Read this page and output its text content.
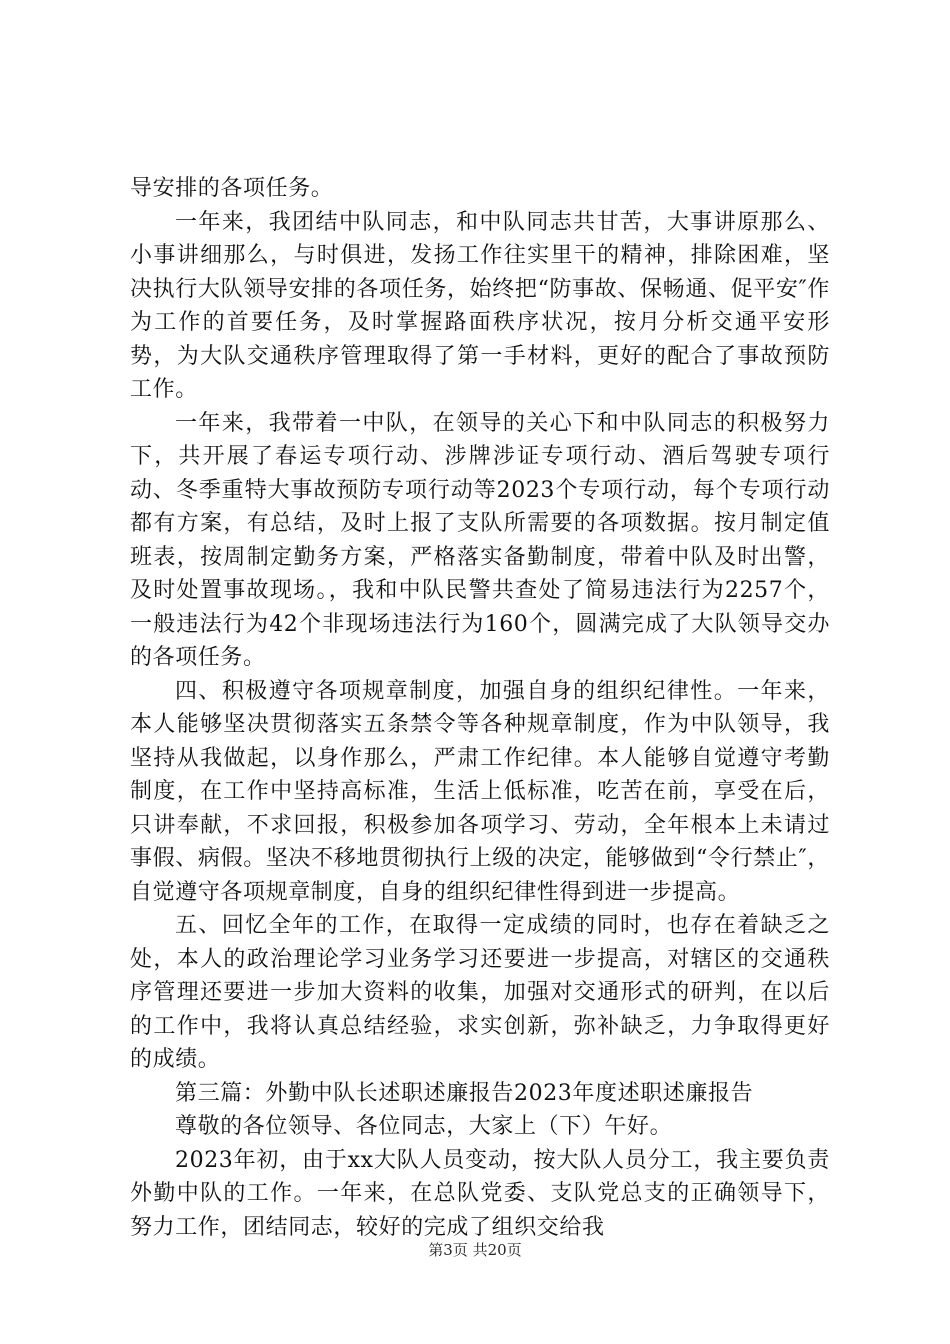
导安排的各项任务。

一年来，我团结中队同志，和中队同志共甘苦，大事讲原那么、小事讲细那么，与时俱进，发扬工作往实里干的精神，排除困难，坚决执行大队领导安排的各项任务，始终把“防事故、保畅通、促平安″作为工作的首要任务，及时掌握路面秩序状况，按月分析交通平安形势，为大队交通秩序管理取得了第一手材料，更好的配合了事故预防工作。

一年来，我带着一中队，在领导的关心下和中队同志的积极努力下，共开展了春运专项行动、涉牌涉证专项行动、酒后驾驶专项行动、冬季重特大事故预防专项行动等2023个专项行动，每个专项行动都有方案，有总结，及时上报了支队所需要的各项数据。按月制定值班表，按周制定勤务方案，严格落实备勤制度，带着中队及时出警，及时处置事故现场。，我和中队民警共查处了简易违法行为2257个，一般违法行为42个非现场违法行为160个，圆满完成了大队领导交办的各项任务。

四、积极遵守各项规章制度，加强自身的组织纪律性。一年来，本人能够坚决贯彻落实五条禁令等各种规章制度，作为中队领导，我坚持从我做起，以身作那么，严肃工作纪律。本人能够自觉遵守考勤制度，在工作中坚持高标准，生活上低标准，吃苦在前，享受在后，只讲奉献，不求回报，积极参加各项学习、劳动，全年根本上未请过事假、病假。坚决不移地贯彻执行上级的决定，能够做到“令行禁止″，自觉遵守各项规章制度，自身的组织纪律性得到进一步提高。

五、回忆全年的工作，在取得一定成绩的同时，也存在着缺乏之处，本人的政治理论学习业务学习还要进一步提高，对辖区的交通秩序管理还要进一步加大资料的收集，加强对交通形式的研判，在以后的工作中，我将认真总结经验，求实创新，弥补缺乏，力争取得更好的成绩。

第三篇：外勤中队长述职述廉报告2023年度述职述廉报告

尊敬的各位领导、各位同志，大家上（下）午好。

2023年初，由于xx大队人员变动，按大队人员分工，我主要负责外勤中队的工作。一年来，在总队党委、支队党总支的正确领导下，努力工作，团结同志，较好的完成了组织交给我

第3页 共20页
